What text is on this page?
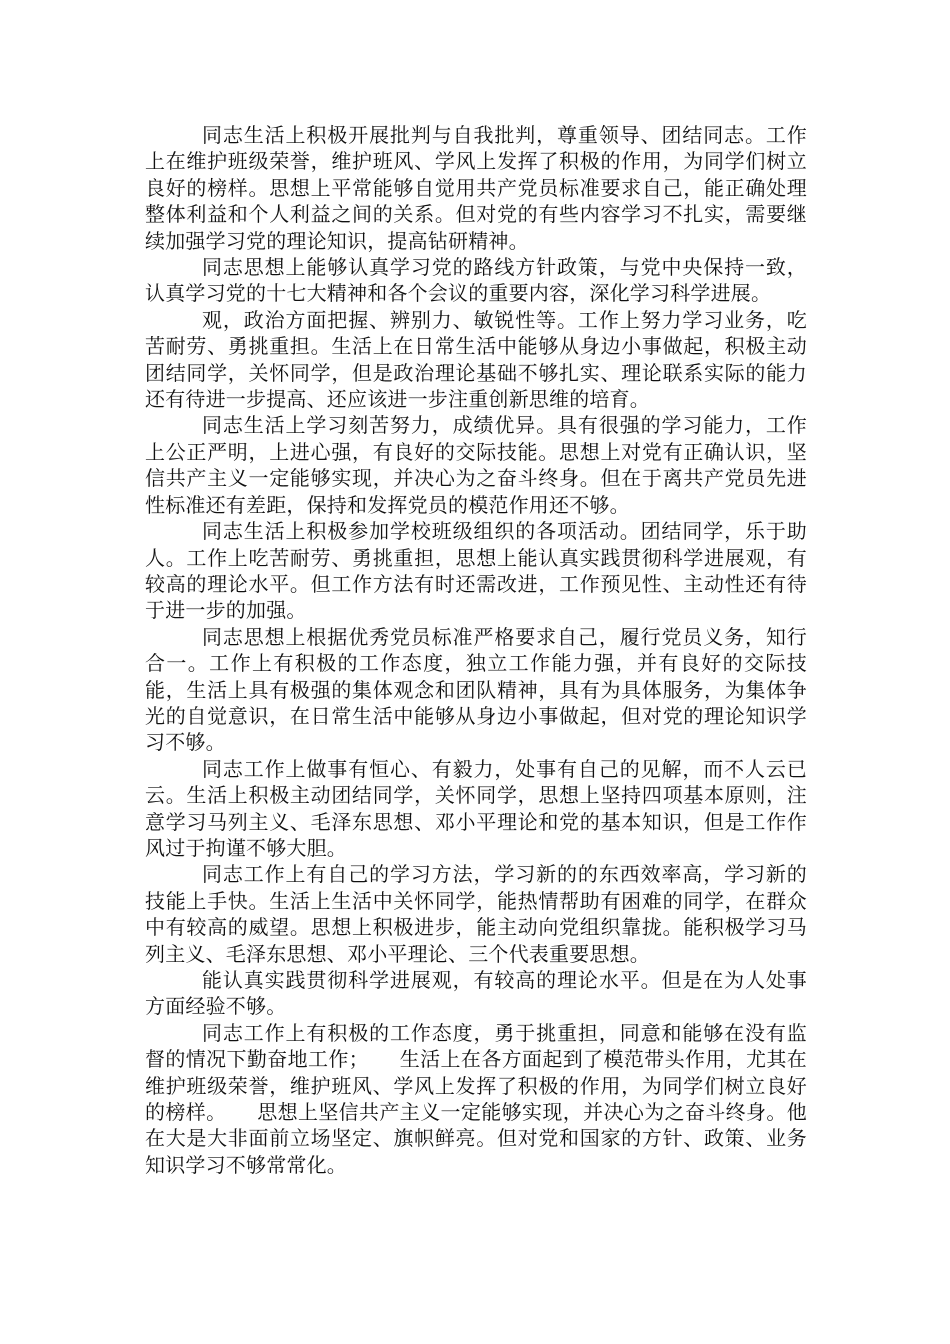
同志生活上积极开展批判与自我批判，尊重领导、团结同志。工作上在维护班级荣誉，维护班风、学风上发挥了积极的作用，为同学们树立良好的榜样。思想上平常能够自觉用共产党员标准要求自己，能正确处理整体利益和个人利益之间的关系。但对党的有些内容学习不扎实，需要继续加强学习党的理论知识，提高钻研精神。

同志思想上能够认真学习党的路线方针政策，与党中央保持一致，认真学习党的十七大精神和各个会议的重要内容，深化学习科学进展。

观，政治方面把握、辨别力、敏锐性等。工作上努力学习业务，吃苦耐劳、勇挑重担。生活上在日常生活中能够从身边小事做起，积极主动团结同学，关怀同学，但是政治理论基础不够扎实、理论联系实际的能力还有待进一步提高、还应该进一步注重创新思维的培育。

同志生活上学习刻苦努力，成绩优异。具有很强的学习能力，工作上公正严明，上进心强，有良好的交际技能。思想上对党有正确认识，坚信共产主义一定能够实现，并决心为之奋斗终身。但在于离共产党员先进性标准还有差距，保持和发挥党员的模范作用还不够。

同志生活上积极参加学校班级组织的各项活动。团结同学，乐于助人。工作上吃苦耐劳、勇挑重担，思想上能认真实践贯彻科学进展观，有较高的理论水平。但工作方法有时还需改进，工作预见性、主动性还有待于进一步的加强。

同志思想上根据优秀党员标准严格要求自己，履行党员义务，知行合一。工作上有积极的工作态度，独立工作能力强，并有良好的交际技能，生活上具有极强的集体观念和团队精神，具有为具体服务，为集体争光的自觉意识，在日常生活中能够从身边小事做起，但对党的理论知识学习不够。

同志工作上做事有恒心、有毅力，处事有自己的见解，而不人云已云。生活上积极主动团结同学，关怀同学，思想上坚持四项基本原则，注意学习马列主义、毛泽东思想、邓小平理论和党的基本知识，但是工作作风过于拘谨不够大胆。

同志工作上有自己的学习方法，学习新的的东西效率高，学习新的技能上手快。生活上生活中关怀同学，能热情帮助有困难的同学，在群众中有较高的威望。思想上积极进步，能主动向党组织靠拢。能积极学习马列主义、毛泽东思想、邓小平理论、三个代表重要思想。

能认真实践贯彻科学进展观，有较高的理论水平。但是在为人处事方面经验不够。

同志工作上有积极的工作态度，勇于挑重担，同意和能够在没有监督的情况下勤奋地工作；　　生活上在各方面起到了模范带头作用，尤其在维护班级荣誉，维护班风、学风上发挥了积极的作用，为同学们树立良好的榜样。　　思想上坚信共产主义一定能够实现，并决心为之奋斗终身。他在大是大非面前立场坚定、旗帜鲜亮。但对党和国家的方针、政策、业务知识学习不够常常化。
